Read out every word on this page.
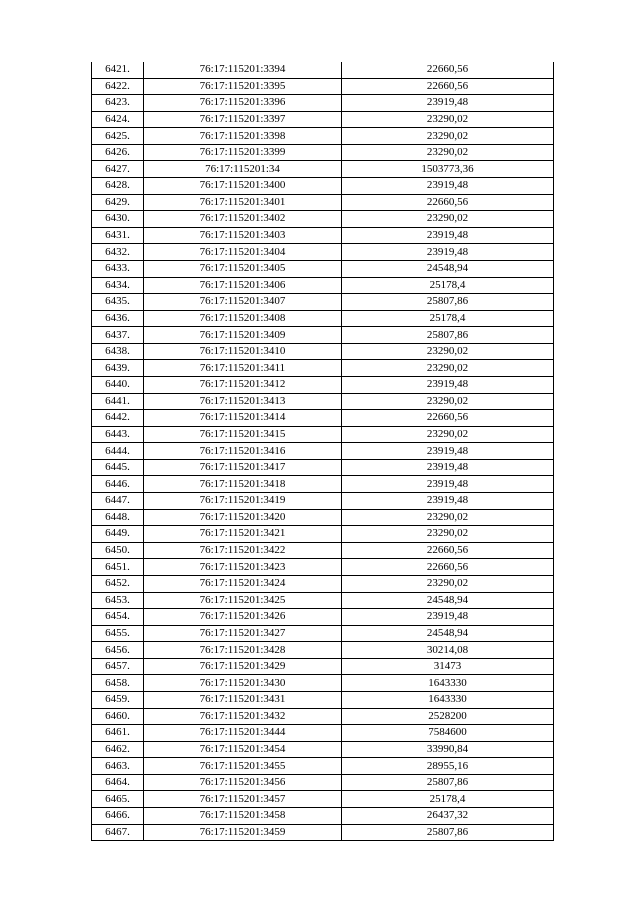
6421.	76:17:115201:3394	22660,56
6422.	76:17:115201:3395	22660,56
6423.	76:17:115201:3396	23919,48
6424.	76:17:115201:3397	23290,02
6425.	76:17:115201:3398	23290,02
6426.	76:17:115201:3399	23290,02
6427.	76:17:115201:34	1503773,36
6428.	76:17:115201:3400	23919,48
6429.	76:17:115201:3401	22660,56
6430.	76:17:115201:3402	23290,02
6431.	76:17:115201:3403	23919,48
6432.	76:17:115201:3404	23919,48
6433.	76:17:115201:3405	24548,94
6434.	76:17:115201:3406	25178,4
6435.	76:17:115201:3407	25807,86
6436.	76:17:115201:3408	25178,4
6437.	76:17:115201:3409	25807,86
6438.	76:17:115201:3410	23290,02
6439.	76:17:115201:3411	23290,02
6440.	76:17:115201:3412	23919,48
6441.	76:17:115201:3413	23290,02
6442.	76:17:115201:3414	22660,56
6443.	76:17:115201:3415	23290,02
6444.	76:17:115201:3416	23919,48
6445.	76:17:115201:3417	23919,48
6446.	76:17:115201:3418	23919,48
6447.	76:17:115201:3419	23919,48
6448.	76:17:115201:3420	23290,02
6449.	76:17:115201:3421	23290,02
6450.	76:17:115201:3422	22660,56
6451.	76:17:115201:3423	22660,56
6452.	76:17:115201:3424	23290,02
6453.	76:17:115201:3425	24548,94
6454.	76:17:115201:3426	23919,48
6455.	76:17:115201:3427	24548,94
6456.	76:17:115201:3428	30214,08
6457.	76:17:115201:3429	31473
6458.	76:17:115201:3430	1643330
6459.	76:17:115201:3431	1643330
6460.	76:17:115201:3432	2528200
6461.	76:17:115201:3444	7584600
6462.	76:17:115201:3454	33990,84
6463.	76:17:115201:3455	28955,16
6464.	76:17:115201:3456	25807,86
6465.	76:17:115201:3457	25178,4
6466.	76:17:115201:3458	26437,32
6467.	76:17:115201:3459	25807,86
